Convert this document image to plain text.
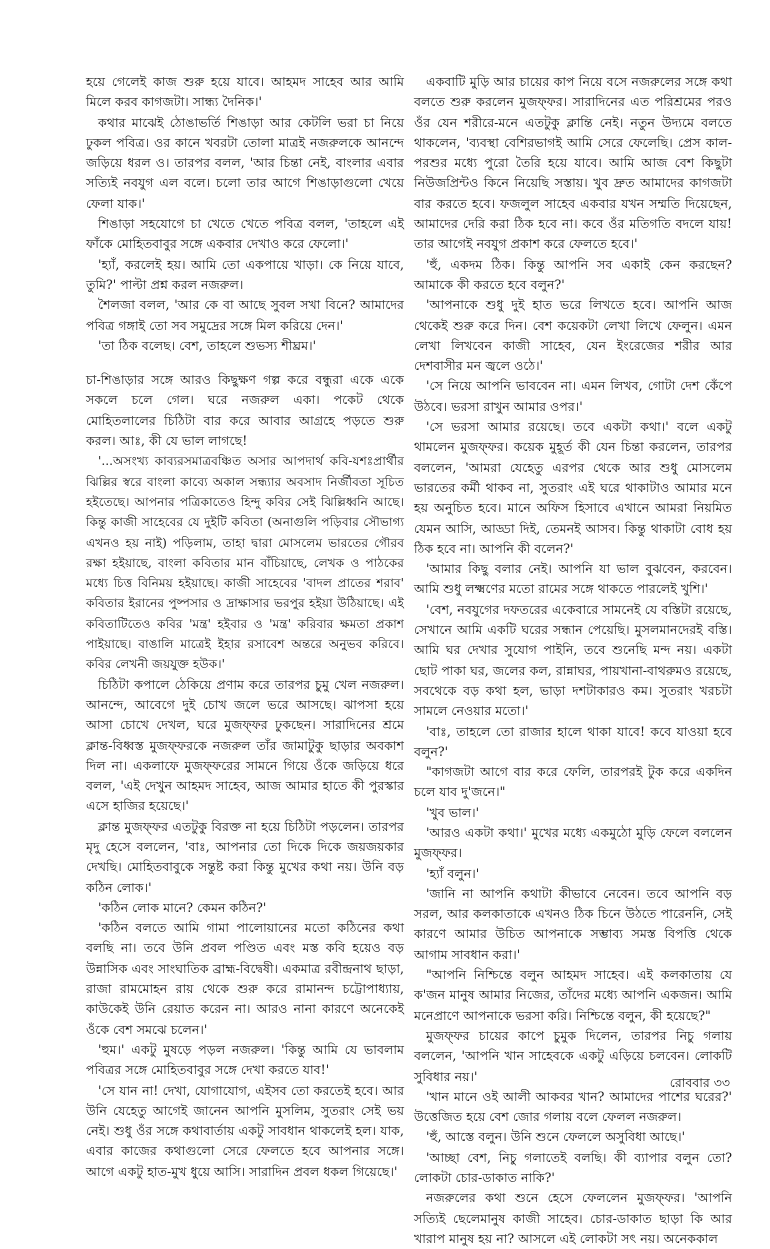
হয়ে গেলেই কাজ শুরু হয়ে যাবে। আহমদ সাহেব আর আমি মিলে করব কাগজটা। সান্ধ্য দৈনিক।'

কথার মাঝেই ঠোঙাভর্তি শিঙাড়া আর কেটলি ভরা চা নিয়ে ঢুকল পবিত্র। ওর কানে খবরটা তোলা মাত্রই নজরুলকে আনন্দে জড়িয়ে ধরল ও। তারপর বলল, 'আর চিন্তা নেই, বাংলার এবার সত্যিই নবযুগ এল বলে। চলো তার আগে শিঙাড়াগুলো খেয়ে ফেলা যাক।'

শিঙাড়া সহযোগে চা খেতে খেতে পবিত্র বলল, 'তাহলে এই ফাঁকে মোহিতবাবুর সঙ্গে একবার দেখাও করে ফেলো।'

'হ্যাঁ, করলেই হয়। আমি তো একপায়ে খাড়া। কে নিয়ে যাবে, তুমি?' পাল্টা প্রশ্ন করল নজরুল।

শৈলজা বলল, 'আর কে বা আছে সুবল সখা বিনে? আমাদের পবিত্র গঙ্গাই তো সব সমুদ্রের সঙ্গে মিল করিয়ে দেন।'

'তা ঠিক বলেছ। বেশ, তাহলে শুভস্য শীঘ্রম।'

চা-শিঙাড়ার সঙ্গে আরও কিছুক্ষণ গল্প করে বন্ধুরা একে একে সকলে চলে গেল। ঘরে নজরুল একা। পকেট থেকে মোহিতলালের চিঠিটা বার করে আবার আগ্রহে পড়তে শুরু করল। আঃ, কী যে ভাল লাগছে!

'...অসংখ্য কাব্যরসমাত্রবঞ্চিত অসার আপদার্থ কবি-যশঃপ্রার্থীর ঝিল্লির স্বরে বাংলা কাব্যে অকাল সন্ধ্যার অবসাদ নির্জীবতা সূচিত হইতেছে। আপনার পত্রিকাতেও হিন্দু কবির সেই ঝিল্লিধ্বনি আছে। কিন্তু কাজী সাহেবের যে দুইটি কবিতা (অনাগুলি পড়িবার সৌভাগ্য এখনও হয় নাই) পড়িলাম, তাহা দ্বারা মোসলেম ভারতের গৌরব রক্ষা হইয়াছে, বাংলা কবিতার মান বাঁচিয়াছে, লেখক ও পাঠকের মধ্যে চিত্ত বিনিময় হইয়াছে। কাজী সাহেবের 'বাদল প্রাতের শরাব' কবিতার ইরানের পুষ্পসার ও দ্রাক্ষাসার ভরপুর হইয়া উঠিয়াছে। এই কবিতাটিতেও কবির 'মন্ত্র' হইবার ও 'মন্ত্র' করিবার ক্ষমতা প্রকাশ পাইয়াছে। বাঙালি মাত্রেই ইহার রসাবেশ অন্তরে অনুভব করিবে। কবির লেখনী জয়যুক্ত হউক।'

চিঠিটা কপালে ঠেকিয়ে প্রণাম করে তারপর চুমু খেল নজরুল। আনন্দে, আবেগে দুই চোখ জলে ভরে আসছে। ঝাপসা হয়ে আসা চোখে দেখল, ঘরে মুজফ্ফর ঢুকছেন। সারাদিনের শ্রমে ক্লান্ত-বিধ্বস্ত মুজফ্ফরকে নজরুল তাঁর জামাটুকু ছাড়ার অবকাশ দিল না। একলাফে মুজফ্ফরের সামনে গিয়ে ওঁকে জড়িয়ে ধরে বলল, 'এই দেখুন আহমদ সাহেব, আজ আমার হাতে কী পুরস্কার এসে হাজির হয়েছে।'

ক্লান্ত মুজফ্ফর এতটুকু বিরক্ত না হয়ে চিঠিটা পড়লেন। তারপর মৃদু হেসে বললেন, 'বাঃ, আপনার তো দিকে দিকে জয়জয়কার দেখছি। মোহিতবাবুকে সন্তুষ্ট করা কিন্তু মুখের কথা নয়। উনি বড় কঠিন লোক।'

'কঠিন লোক মানে? কেমন কঠিন?'

'কঠিন বলতে আমি গামা পালোয়ানের মতো কঠিনের কথা বলছি না। তবে উনি প্রবল পণ্ডিত এবং মস্ত কবি হয়েও বড় উন্নাসিক এবং সাংঘাতিক ব্রাহ্ম-বিদ্বেষী। একমাত্র রবীন্দ্রনাথ ছাড়া, রাজা রামমোহন রায় থেকে শুরু করে রামানন্দ চট্টোপাধ্যায়, কাউকেই উনি রেয়াত করেন না। আরও নানা কারণে অনেকেই ওঁকে বেশ সমঝে চলেন।'

'হুম।' একটু মুষড়ে পড়ল নজরুল। 'কিন্তু আমি যে ভাবলাম পবিত্রর সঙ্গে মোহিতবাবুর সঙ্গে দেখা করতে যাব!'

'সে যান না! দেখা, যোগাযোগ, এইসব তো করতেই হবে। আর উনি যেহেতু আগেই জানেন আপনি মুসলিম, সুতরাং সেই ভয় নেই। শুধু ওঁর সঙ্গে কথাবার্তায় একটু সাবধান থাকলেই হল। যাক, এবার কাজের কথাগুলো সেরে ফেলতে হবে আপনার সঙ্গে। আগে একটু হাত-মুখ ধুয়ে আসি। সারাদিন প্রবল ধকল গিয়েছে।'

একবাটি মুড়ি আর চায়ের কাপ নিয়ে বসে নজরুলের সঙ্গে কথা বলতে শুরু করলেন মুজফ্ফর। সারাদিনের এত পরিশ্রমের পরও ওঁর যেন শরীরে-মনে এতটুকু ক্লান্তি নেই। নতুন উদ্যমে বলতে থাকলেন, 'ব্যবস্থা বেশিরভাগই আমি সেরে ফেলেছি। প্রেস কাল-পরশুর মধ্যে পুরো তৈরি হয়ে যাবে। আমি আজ বেশ কিছুটা নিউজপ্রিন্টও কিনে নিয়েছি সস্তায়। খুব দ্রুত আমাদের কাগজটা বার করতে হবে। ফজলুল সাহেব একবার যখন সম্মতি দিয়েছেন, আমাদের দেরি করা ঠিক হবে না। কবে ওঁর মতিগতি বদলে যায়! তার আগেই নবযুগ প্রকাশ করে ফেলতে হবে।'

'হুঁ, একদম ঠিক। কিন্তু আপনি সব একাই কেন করছেন? আমাকে কী করতে হবে বলুন?'

'আপনাকে শুধু দুই হাত ভরে লিখতে হবে। আপনি আজ থেকেই শুরু করে দিন। বেশ কয়েকটা লেখা লিখে ফেলুন। এমন লেখা লিখবেন কাজী সাহেব, যেন ইংরেজের শরীর আর দেশবাসীর মন জ্বলে ওঠে।'

'সে নিয়ে আপনি ভাববেন না। এমন লিখব, গোটা দেশ কেঁপে উঠবে। ভরসা রাখুন আমার ওপর।'

'সে ভরসা আমার রয়েছে। তবে একটা কথা।' বলে একটু থামলেন মুজফ্ফর। কয়েক মুহূর্ত কী যেন চিন্তা করলেন, তারপর বললেন, 'আমরা যেহেতু এরপর থেকে আর শুধু মোসলেম ভারতের কর্মী থাকব না, সুতরাং এই ঘরে থাকাটাও আমার মনে হয় অনুচিত হবে। মানে অফিস হিসাবে এখানে আমরা নিয়মিত যেমন আসি, আড্ডা দিই, তেমনই আসব। কিন্তু থাকাটা বোধ হয় ঠিক হবে না। আপনি কী বলেন?'

'আমার কিছু বলার নেই। আপনি যা ভাল বুঝবেন, করবেন। আমি শুধু লক্ষ্মণের মতো রামের সঙ্গে থাকতে পারলেই খুশি।'

'বেশ, নবযুগের দফতরের একেবারে সামনেই যে বস্তিটা রয়েছে, সেখানে আমি একটি ঘরের সন্ধান পেয়েছি। মুসলমানদেরই বস্তি। আমি ঘর দেখার সুযোগ পাইনি, তবে শুনেছি মন্দ নয়। একটা ছোট পাকা ঘর, জলের কল, রান্নাঘর, পায়খানা-বাথরুমও রয়েছে, সবথেকে বড় কথা হল, ভাড়া দশটাকারও কম। সুতরাং খরচটা সামলে নেওয়ার মতো।'

'বাঃ, তাহলে তো রাজার হালে থাকা যাবে! কবে যাওয়া হবে বলুন?'

"কাগজটা আগে বার করে ফেলি, তারপরই টুক করে একদিন চলে যাব দু'জনে।"

'খুব ভাল।'

'আরও একটা কথা।' মুখের মধ্যে একমুঠো মুড়ি ফেলে বললেন মুজফ্ফর।

'হ্যাঁ বলুন।'

'জানি না আপনি কথাটা কীভাবে নেবেন। তবে আপনি বড় সরল, আর কলকাতাকে এখনও ঠিক চিনে উঠতে পারেননি, সেই কারণে আমার উচিত আপনাকে সম্ভাব্য সমস্ত বিপত্তি থেকে আগাম সাবধান করা।'

"আপনি নিশ্চিন্তে বলুন আহমদ সাহেব। এই কলকাতায় যে ক'জন মানুষ আমার নিজের, তাঁদের মধ্যে আপনি একজন। আমি মনেপ্রাণে আপনাকে ভরসা করি। নিশ্চিন্তে বলুন, কী হয়েছে?"

মুজফ্ফর চায়ের কাপে চুমুক দিলেন, তারপর নিচু গলায় বললেন, 'আপনি খান সাহেবকে একটু এড়িয়ে চলবেন। লোকটি সুবিধার নয়।'

'খান মানে ওই আলী আকবর খান? আমাদের পাশের ঘরের?' উত্তেজিত হয়ে বেশ জোর গলায় বলে ফেলল নজরুল।

'হুঁ, আস্তে বলুন। উনি শুনে ফেললে অসুবিধা আছে।'

'আচ্ছা বেশ, নিচু গলাতেই বলছি। কী ব্যাপার বলুন তো? লোকটা চোর-ডাকাত নাকি?'

নজরুলের কথা শুনে হেসে ফেললেন মুজফ্ফর। 'আপনি সত্যিই ছেলেমানুষ কাজী সাহেব। চোর-ডাকাত ছাড়া কি আর খারাপ মানুষ হয় না? আসলে এই লোকটা সৎ নয়। অনেককাল

রোববার ৩৩
